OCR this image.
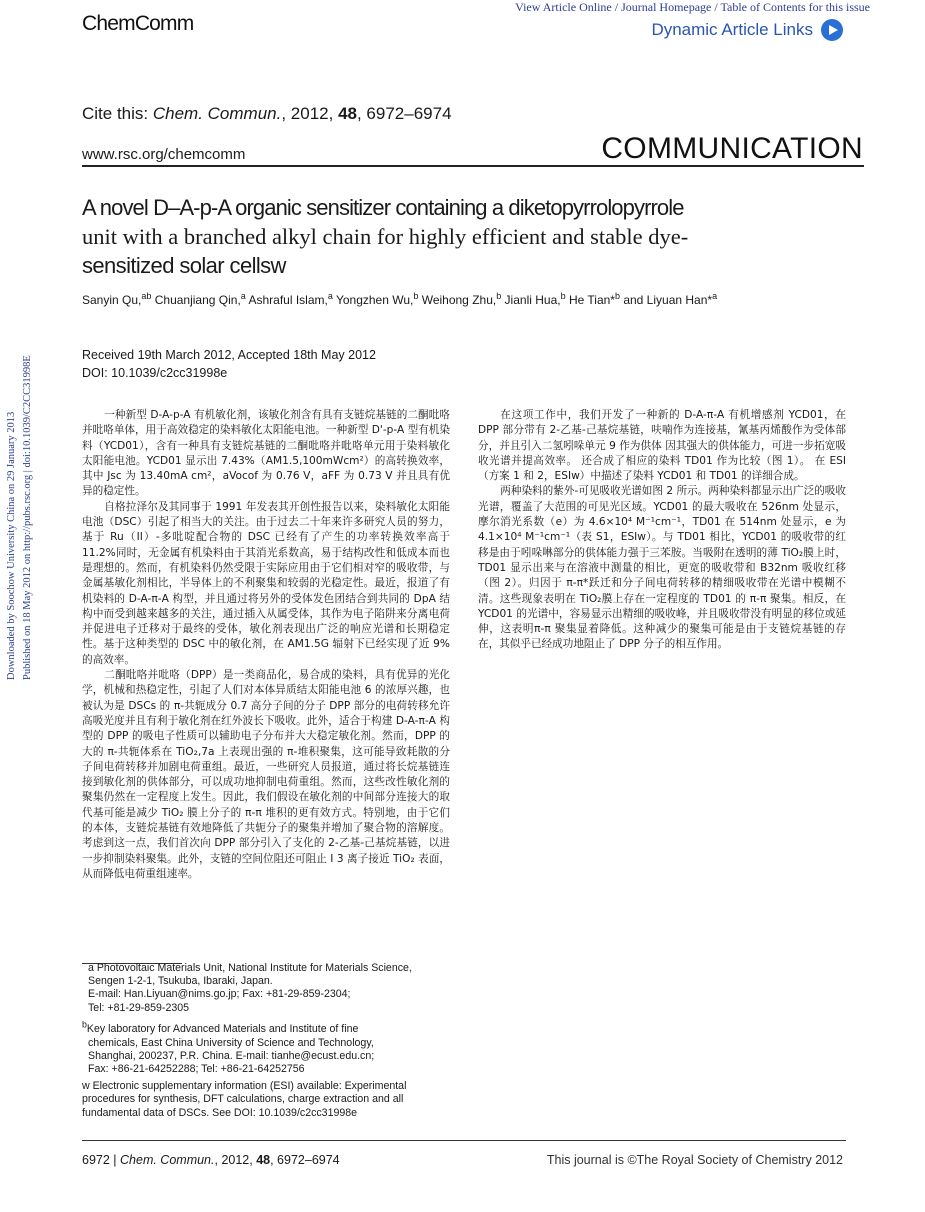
View Article Online / Journal Homepage / Table of Contents for this issue
ChemComm	Dynamic Article Links
Cite this: Chem. Commun., 2012, 48, 6972–6974
www.rsc.org/chemcomm	COMMUNICATION
A novel D–A-p-A organic sensitizer containing a diketopyrrolopyrrole
unit with a branched alkyl chain for highly efficient and stable dye-
sensitized solar cellsw
Sanyin Qu,$^{ab}$ Chuanjiang Qin,$^a$ Ashraful Islam,$^a$ Yongzhen Wu,$^b$ Weihong Zhu,$^b$ Jianli Hua,$^b$ He Tian*$^b$ and Liyuan Han*$^a$
Received 19th March 2012, Accepted 18th May 2012
DOI: 10.1039/c2cc31998e
Downloaded by Soochow University China on 29 January 2013 Published on 18 May 2012 on http://pubs.rsc.org | doi:10.1039/C2CC31998E	一种新型 D-A-p-A 有机敏化剂，该敏化剂含有具有支链烷基链的二酮吡咯并吡咯单体，用于高效稳定的染料敏化太阳能电池。一种新型 D'-p-A 型有机染料（YCD01），含有一种具有支链烷基链的二酮吡咯并吡咯单元用于染料敏化太阳能电池。YCD01 显示出 7.43%（AM1.5,100mWcm²）的高转换效率，其中 Jsc 为 13.40mA cm²，aVocof 为 0.76 V，aFF 为 0.73 V 并且具有优异的稳定性。

自格拉泽尔及其同事于 1991 年发表其开创性报告以来，染料敏化太阳能电池（DSC）引起了相当大的关注。由于过去二十年来许多研究人员的努力，基于 Ru（II）-多吡啶配合物的 DSC 已经有了产生的功率转换效率高于 11.2%同时，无金属有机染料由于其消光系数高，易于结构改性和低成本而也是理想的。然而，有机染料仍然受限于实际应用由于它们相对窄的吸收带，与金属基敏化剂相比，半导体上的不利聚集和较弱的光稳定性。最近，报道了有机染料的 D-A-π-A 构型，并且通过将另外的受体发色团结合到共同的 DpA 结构中而受到越来越多的关注，通过插入从属受体，其作为电子陷阱来分离电荷并促进电子迁移对于最终的受体，敏化剂表现出广泛的响应光谱和长期稳定性。基于这种类型的 DSC 中的敏化剂，在 AM1.5G 辐射下已经实现了近 9%的高效率。

二酮吡咯并吡咯（DPP）是一类商品化，易合成的染料，具有优异的光化学，机械和热稳定性，引起了人们对本体异质结太阳能电池 6 的浓厚兴趣，也被认为是 DSCs 的 π-共轭成分 0.7 高分子间的分子 DPP 部分的电荷转移允许高吸光度并且有利于敏化剂在红外波长下吸收。此外，适合于构建 D-A-π-A 构型的 DPP 的吸电子性质可以辅助电子分布并大大稳定敏化剂。然而，DPP 的大的 π-共轭体系在 TiO₂,7a 上表现出强的 π-堆积聚集，这可能导致耗散的分子间电荷转移并加剧电荷重组。最近，一些研究人员报道，通过将长烷基链连接到敏化剂的供体部分，可以成功地抑制电荷重组。然而，这些改性敏化剂的聚集仍然在一定程度上发生。因此，我们假设在敏化剂的中间部分连接大的取代基可能是减少 TiO₂ 膜上分子的 π-π 堆积的更有效方式。特别地，由于它们的本体，支链烷基链有效地降低了共轭分子的聚集并增加了聚合物的溶解度。考虑到这一点，我们首次向 DPP 部分引入了支化的 2-乙基-己基烷基链，以进一步抑制染料聚集。此外，支链的空间位阻还可阻止 I 3 离子接近 TiO₂ 表面，从而降低电荷重组速率。

在这项工作中，我们开发了一种新的 D-A-π-A 有机增感剂 YCD01，在 DPP 部分带有 2-乙基-己基烷基链，呋喃作为连接基，氰基丙烯酸作为受体部分，并且引入二氢吲哚单元 9 作为供体 因其强大的供体能力，可进一步拓宽吸收光谱并提高效率。 还合成了相应的染料 TD01 作为比较（图 1）。 在 ESI（方案 1 和 2，ESIw）中描述了染料 YCD01 和 TD01 的详细合成。

两种染料的紫外-可见吸收光谱如图 2 所示。两种染料都显示出广泛的吸收光谱，覆盖了大范围的可见光区域。YCD01 的最大吸收在 526nm 处显示，摩尔消光系数（e）为 4.6×10⁴ M⁻¹cm⁻¹，TD01 在 514nm 处显示，e 为 4.1×10⁴ M⁻¹cm⁻¹（表 S1，ESIw）。与 TD01 相比，YCD01 的吸收带的红移是由于吲哚啉部分的供体能力强于三苯胺。当吸附在透明的薄 TiO₂膜上时，TD01 显示出来与在溶液中测量的相比，更宽的吸收带和 B32nm 吸收红移（图 2）。归因于 π-π*跃迁和分子间电荷转移的精细吸收带在光谱中模糊不清。这些现象表明在 TiO₂膜上存在一定程度的 TD01 的 π-π 聚集。相反，在 YCD01 的光谱中，容易显示出精细的吸收峰，并且吸收带没有明显的移位或延伸，这表明π-π 聚集显着降低。这种减少的聚集可能是由于支链烷基链的存在，其似乎已经成功地阻止了 DPP 分子的相互作用。

a Photovoltaic Materials Unit, National Institute for Materials Science,
Sengen 1-2-1, Tsukuba, Ibaraki, Japan.
E-mail: Han.Liyuan@nims.go.jp; Fax: +81-29-859-2304;
Tel: +81-29-859-2305
$^b$Key laboratory for Advanced Materials and Institute of fine
chemicals, East China University of Science and Technology,
Shanghai, 200237, P.R. China. E-mail: tianhe@ecust.edu.cn;
Fax: +86-21-64252288; Tel: +86-21-64252756
w Electronic supplementary information (ESI) available: Experimental
procedures for synthesis, DFT calculations, charge extraction and all
fundamental data of DSCs. See DOI: 10.1039/c2cc31998e
6972 | Chem. Commun., 2012, 48, 6972–6974	This journal is ©The Royal Society of Chemistry 2012
